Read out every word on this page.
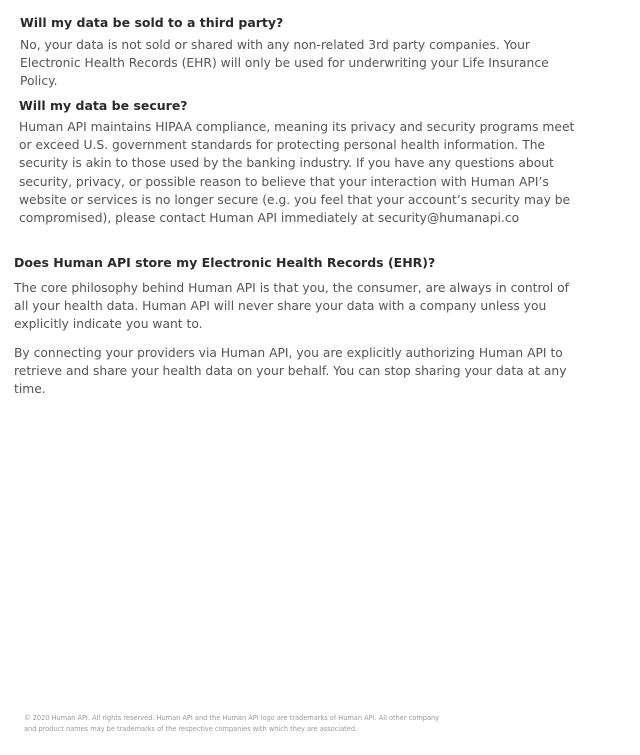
Will my data be sold to a third party?

No, your data is not sold or shared with any non-related 3rd party companies. Your Electronic Health Records (EHR) will only be used for underwriting your Life Insurance Policy.

Will my data be secure?

Human API maintains HIPAA compliance, meaning its privacy and security programs meet or exceed U.S. government standards for protecting personal health information. The security is akin to those used by the banking industry. If you have any questions about security, privacy, or possible reason to believe that your interaction with Human API’s website or services is no longer secure (e.g. you feel that your account’s security may be compromised), please contact Human API immediately at security@humanapi.co

Does Human API store my Electronic Health Records (EHR)?

The core philosophy behind Human API is that you, the consumer, are always in control of all your health data. Human API will never share your data with a company unless you explicitly indicate you want to.

By connecting your providers via Human API, you are explicitly authorizing Human API to retrieve and share your health data on your behalf. You can stop sharing your data at any time.

© 2020 Human API. All rights reserved. Human API and the Human API logo are trademarks of Human API. All other company and product names may be trademarks of the respective companies with which they are associated.
